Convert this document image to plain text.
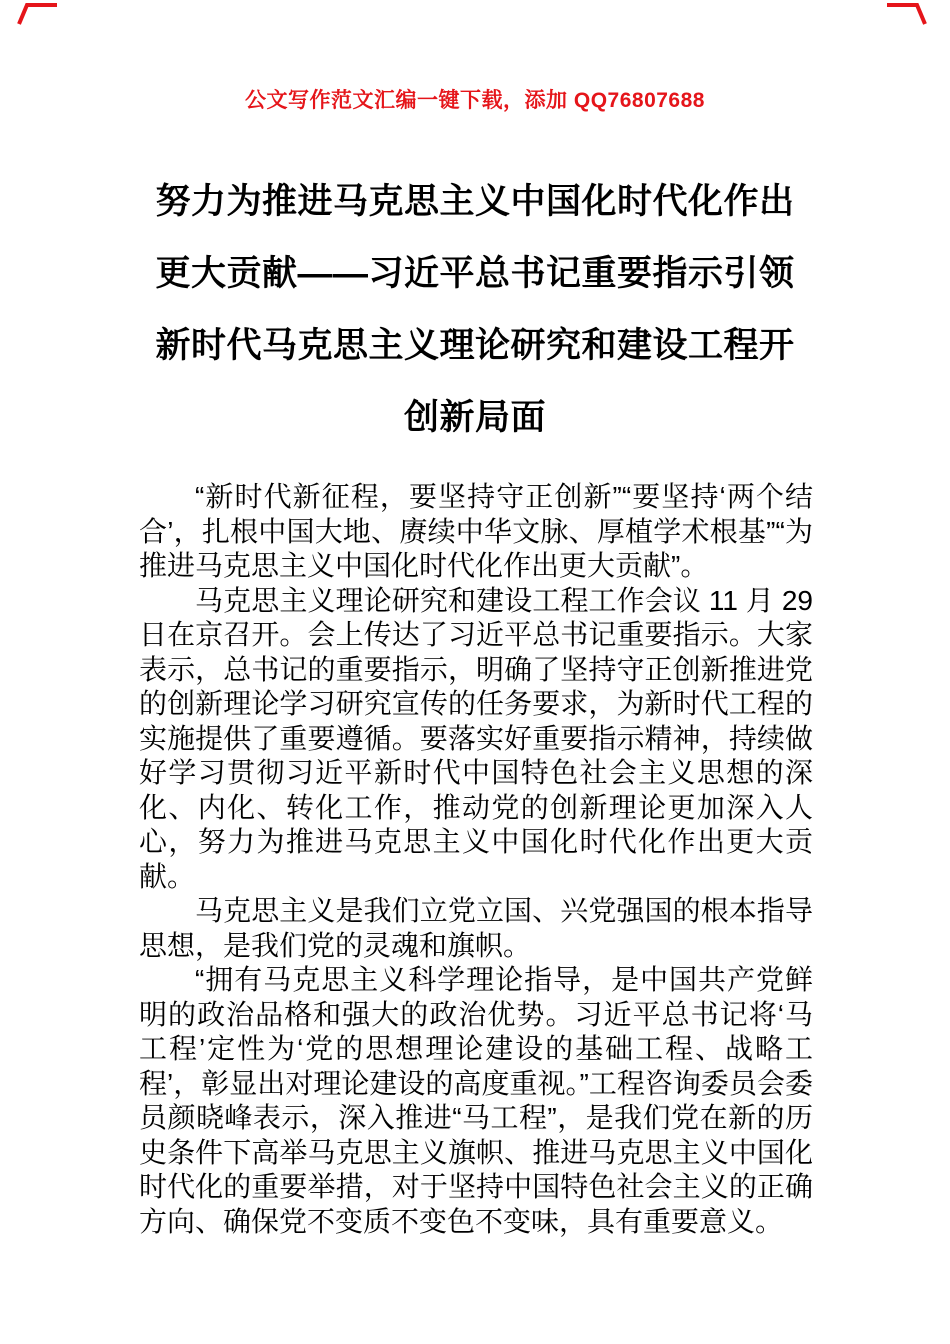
公文写作范文汇编一键下载，添加 QQ76807688
努力为推进马克思主义中国化时代化作出
更大贡献——习近平总书记重要指示引领
新时代马克思主义理论研究和建设工程开
创新局面

“新时代新征程，要坚持守正创新”“要坚持‘两个结合’，扎根中国大地、赓续中华文脉、厚植学术根基”“为推进马克思主义中国化时代化作出更大贡献”。

马克思主义理论研究和建设工程工作会议 11 月 29 日在京召开。会上传达了习近平总书记重要指示。大家表示，总书记的重要指示，明确了坚持守正创新推进党的创新理论学习研究宣传的任务要求，为新时代工程的实施提供了重要遵循。要落实好重要指示精神，持续做好学习贯彻习近平新时代中国特色社会主义思想的深化、内化、转化工作，推动党的创新理论更加深入人心，努力为推进马克思主义中国化时代化作出更大贡献。

马克思主义是我们立党立国、兴党强国的根本指导思想，是我们党的灵魂和旗帜。

“拥有马克思主义科学理论指导，是中国共产党鲜明的政治品格和强大的政治优势。习近平总书记将‘马工程’定性为‘党的思想理论建设的基础工程、战略工程’，彰显出对理论建设的高度重视。”工程咨询委员会委员颜晓峰表示，深入推进“马工程”，是我们党在新的历史条件下高举马克思主义旗帜、推进马克思主义中国化时代化的重要举措，对于坚持中国特色社会主义的正确方向、确保党不变质不变色不变味，具有重要意义。
